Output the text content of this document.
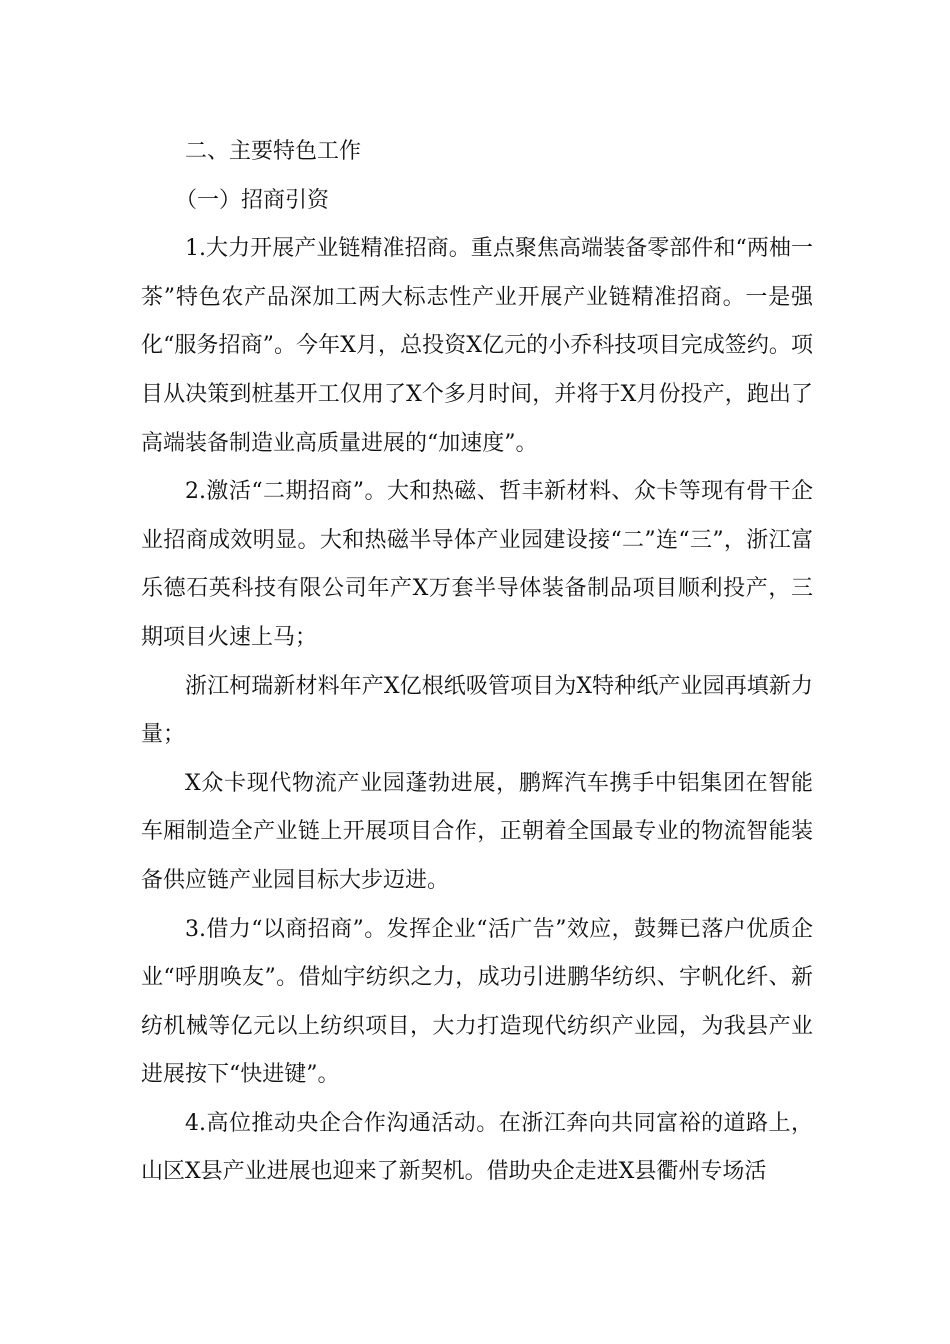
二、主要特色工作

（一）招商引资

1.大力开展产业链精准招商。重点聚焦高端装备零部件和“两柚一茶”特色农产品深加工两大标志性产业开展产业链精准招商。一是强化“服务招商”。今年X月，总投资X亿元的小乔科技项目完成签约。项目从决策到桩基开工仅用了X个多月时间，并将于X月份投产，跑出了高端装备制造业高质量进展的“加速度”。

2.激活“二期招商”。大和热磁、哲丰新材料、众卡等现有骨干企业招商成效明显。大和热磁半导体产业园建设接“二”连“三”，浙江富乐德石英科技有限公司年产X万套半导体装备制品项目顺利投产，三期项目火速上马；

浙江柯瑞新材料年产X亿根纸吸管项目为X特种纸产业园再填新力量；

X众卡现代物流产业园蓬勃进展，鹏辉汽车携手中铝集团在智能车厢制造全产业链上开展项目合作，正朝着全国最专业的物流智能装备供应链产业园目标大步迈进。

3.借力“以商招商”。发挥企业“活广告”效应，鼓舞已落户优质企业“呼朋唤友”。借灿宇纺织之力，成功引进鹏华纺织、宇帆化纤、新纺机械等亿元以上纺织项目，大力打造现代纺织产业园，为我县产业进展按下“快进键”。

4.高位推动央企合作沟通活动。在浙江奔向共同富裕的道路上，山区X县产业进展也迎来了新契机。借助央企走进X县衢州专场活
